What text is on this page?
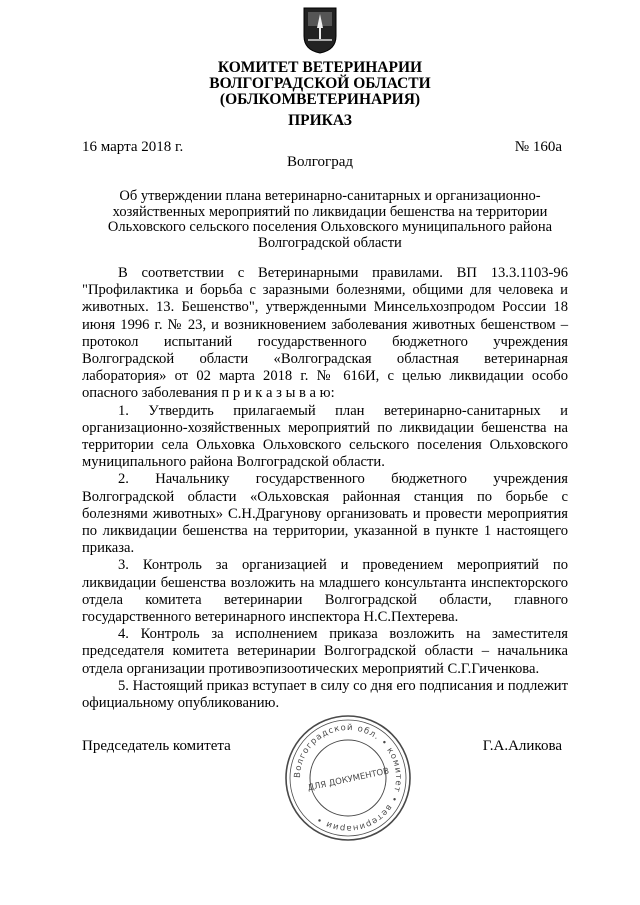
КОМИТЕТ ВЕТЕРИНАРИИ
ВОЛГОГРАДСКОЙ ОБЛАСТИ
(ОБЛКОМВЕТЕРИНАРИЯ)
ПРИКАЗ
16 марта 2018 г.	№ 160а
Волгоград
Об утверждении плана ветеринарно-санитарных и организационно-
хозяйственных мероприятий по ликвидации бешенства на территории
Ольховского сельского поселения Ольховского муниципального района
Волгоградской области

В соответствии с Ветеринарными правилами. ВП 13.3.1103-96 "Профилактика и борьба с заразными болезнями, общими для человека и животных. 13. Бешенство", утвержденными Минсельхозпродом России 18 июня 1996 г. № 23, и возникновением заболевания животных бешенством – протокол испытаний государственного бюджетного учреждения Волгоградской области «Волгоградская областная ветеринарная лаборатория» от 02 марта 2018 г. № 616И, с целью ликвидации особо опасного заболевания п р и к а з ы в а ю:

1. Утвердить прилагаемый план ветеринарно-санитарных и организационно-хозяйственных мероприятий по ликвидации бешенства на территории села Ольховка Ольховского сельского поселения Ольховского муниципального района Волгоградской области.

2. Начальнику государственного бюджетного учреждения Волгоградской области «Ольховская районная станция по борьбе с болезнями животных» С.Н.Драгунову организовать и провести мероприятия по ликвидации бешенства на территории, указанной в пункте 1 настоящего приказа.

3. Контроль за организацией и проведением мероприятий по ликвидации бешенства возложить на младшего консультанта инспекторского отдела комитета ветеринарии Волгоградской области, главного государственного ветеринарного инспектора Н.С.Пехтерева.

4. Контроль за исполнением приказа возложить на заместителя председателя комитета ветеринарии Волгоградской области – начальника отдела организации противоэпизоотических мероприятий С.Г.Гиченкова.

5. Настоящий приказ вступает в силу со дня его подписания и подлежит официальному опубликованию.

Председатель комитета	Г.А.Аликова
Волгоградской обл. • комитет • ветеринарии •
ДЛЯ ДОКУМЕНТОВ
